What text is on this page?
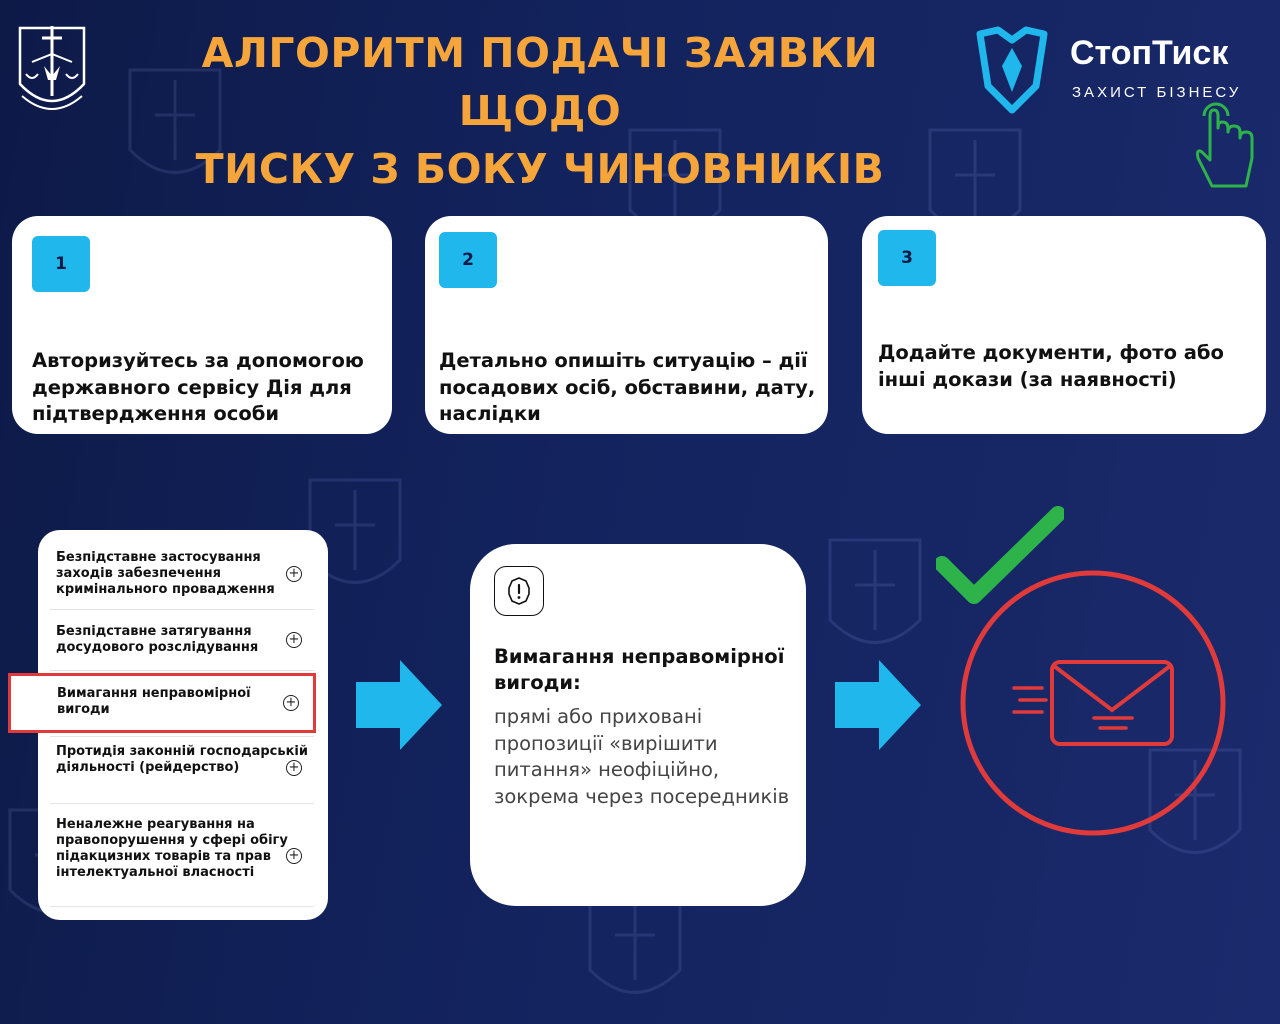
АЛГОРИТМ ПОДАЧІ ЗАЯВКИ ЩОДО
ТИСКУ З БОКУ ЧИНОВНИКІВ
СтопТиск
ЗАХИСТ БІЗНЕСУ
1
Авторизуйтесь за допомогою державного сервісу Дія для підтвердження особи
2
Детально опишіть ситуацію – дії посадових осіб, обставини, дату, наслідки
3
Додайте документи, фото або інші докази (за наявності)
Безпідставне застосування заходів забезпечення кримінального провадження
+
Безпідставне затягування досудового розслідування
+
Протидія законній господарській діяльності (рейдерство)	+
Неналежне реагування на правопорушення у сфері обігу підакцизних товарів та прав інтелектуальної власності
+
Вимагання неправомірної вигоди	+
Вимагання неправомірної вигоди:
прямі або приховані пропозиції «вирішити питання» неофіційно, зокрема через посередників
